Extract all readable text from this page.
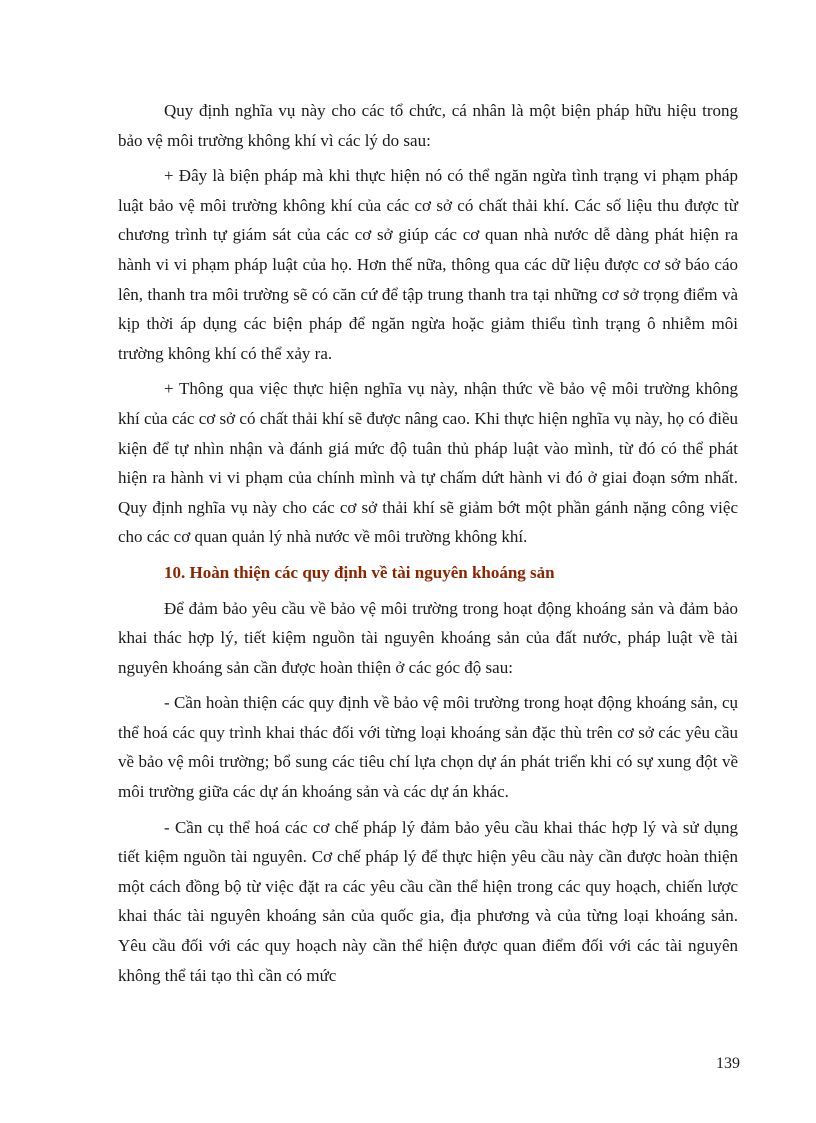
Quy định nghĩa vụ này cho các tổ chức, cá nhân là một biện pháp hữu hiệu trong bảo vệ môi trường không khí vì các lý do sau:

+ Đây là biện pháp mà khi thực hiện nó có thể ngăn ngừa tình trạng vi phạm pháp luật bảo vệ môi trường không khí của các cơ sở có chất thải khí. Các số liệu thu được từ chương trình tự giám sát của các cơ sở giúp các cơ quan nhà nước dễ dàng phát hiện ra hành vi vi phạm pháp luật của họ. Hơn thế nữa, thông qua các dữ liệu được cơ sở báo cáo lên, thanh tra môi trường sẽ có căn cứ để tập trung thanh tra tại những cơ sở trọng điểm và kịp thời áp dụng các biện pháp để ngăn ngừa hoặc giảm thiểu tình trạng ô nhiễm môi trường không khí có thể xảy ra.

+ Thông qua việc thực hiện nghĩa vụ này, nhận thức về bảo vệ môi trường không khí của các cơ sở có chất thải khí sẽ được nâng cao. Khi thực hiện nghĩa vụ này, họ có điều kiện để tự nhìn nhận và đánh giá mức độ tuân thủ pháp luật vào mình, từ đó có thể phát hiện ra hành vi vi phạm của chính mình và tự chấm dứt hành vi đó ở giai đoạn sớm nhất. Quy định nghĩa vụ này cho các cơ sở thải khí sẽ giảm bớt một phần gánh nặng công việc cho các cơ quan quản lý nhà nước về môi trường không khí.

10. Hoàn thiện các quy định về tài nguyên khoáng sản

Để đảm bảo yêu cầu về bảo vệ môi trường trong hoạt động khoáng sản và đảm bảo khai thác hợp lý, tiết kiệm nguồn tài nguyên khoáng sản của đất nước, pháp luật về tài nguyên khoáng sản cần được hoàn thiện ở các góc độ sau:

- Cần hoàn thiện các quy định về bảo vệ môi trường trong hoạt động khoáng sản, cụ thể hoá các quy trình khai thác đối với từng loại khoáng sản đặc thù trên cơ sở các yêu cầu về bảo vệ môi trường; bổ sung các tiêu chí lựa chọn dự án phát triển khi có sự xung đột về môi trường giữa các dự án khoáng sản và các dự án khác.

- Cần cụ thể hoá các cơ chế pháp lý đảm bảo yêu cầu khai thác hợp lý và sử dụng tiết kiệm nguồn tài nguyên. Cơ chế pháp lý để thực hiện yêu cầu này cần được hoàn thiện một cách đồng bộ từ việc đặt ra các yêu cầu cần thể hiện trong các quy hoạch, chiến lược khai thác tài nguyên khoáng sản của quốc gia, địa phương và của từng loại khoáng sản. Yêu cầu đối với các quy hoạch này cần thể hiện được quan điểm đối với các tài nguyên không thể tái tạo thì cần có mức

139
